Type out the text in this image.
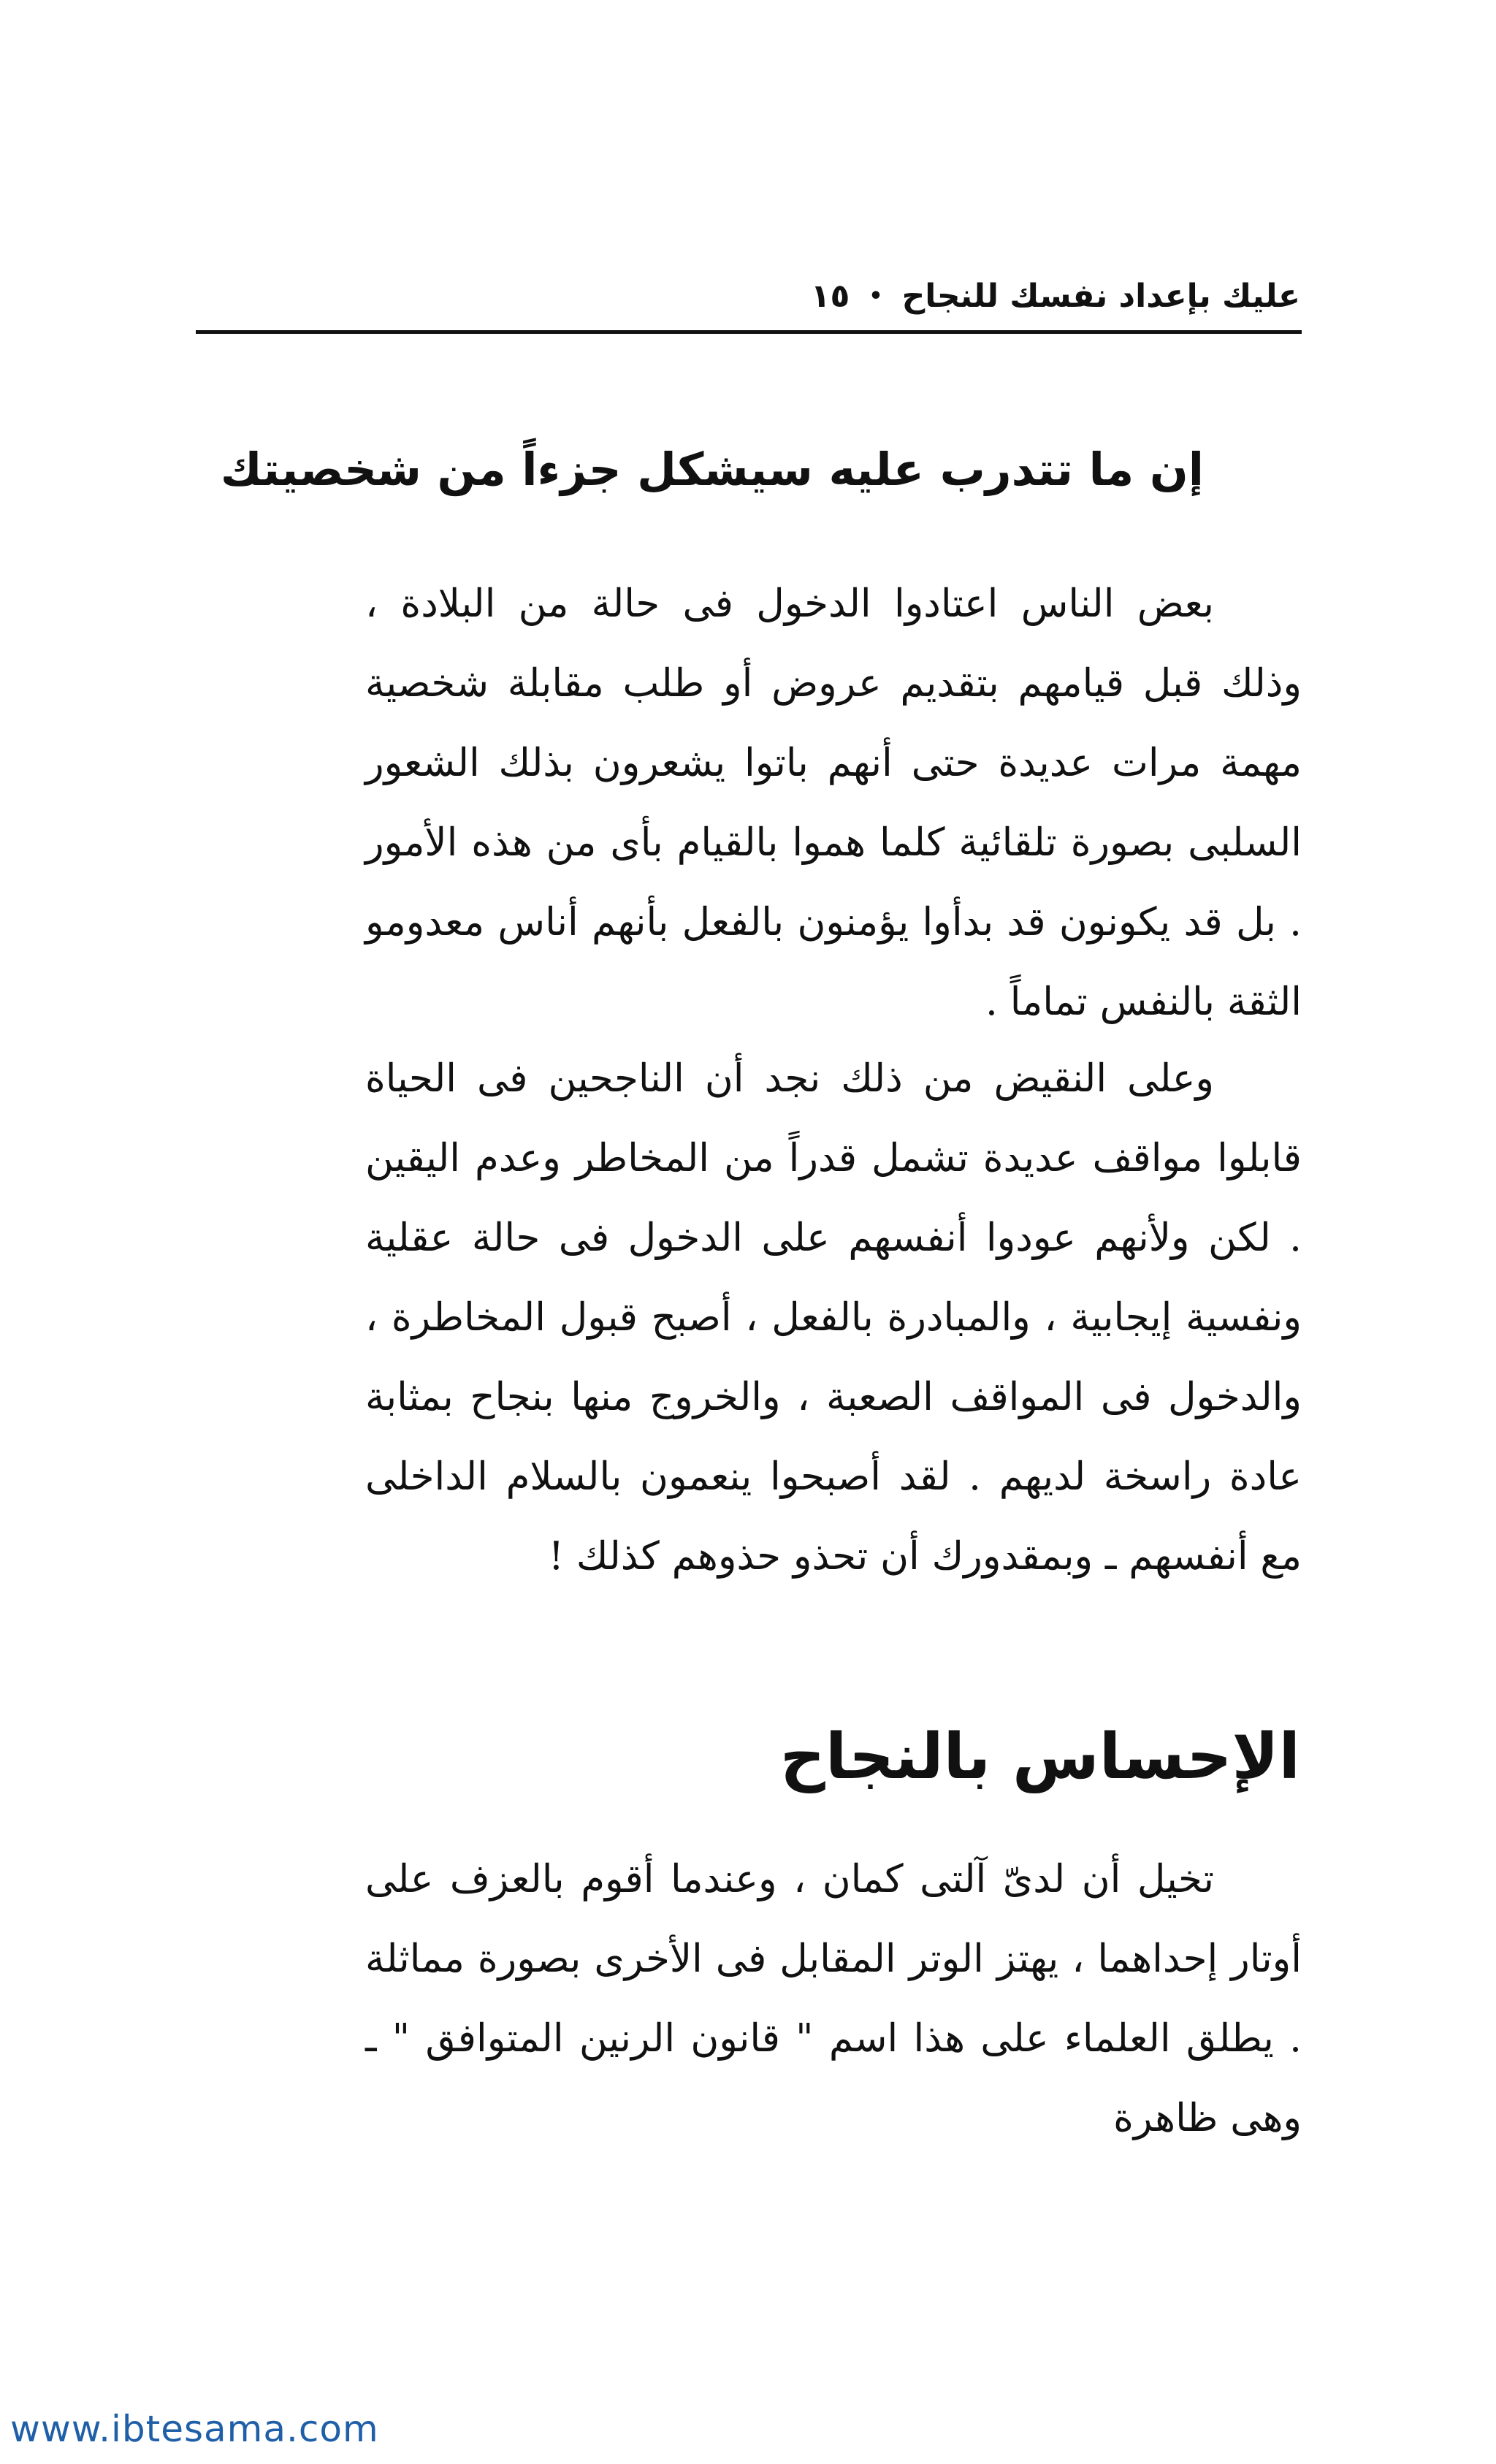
عليك بإعداد نفسك للنجاح
•
١٥
إن ما تتدرب عليه سيشكل جزءاً من شخصيتك

بعض الناس اعتادوا الدخول فى حالة من البلادة ، وذلك قبل قيامهم بتقديم عروض أو طلب مقابلة شخصية مهمة مرات عديدة حتى أنهم باتوا يشعرون بذلك الشعور السلبى بصورة تلقائية كلما هموا بالقيام بأى من هذه الأمور . بل قد يكونون قد بدأوا يؤمنون بالفعل بأنهم أناس معدومو الثقة بالنفس تماماً .

وعلى النقيض من ذلك نجد أن الناجحين فى الحياة قابلوا مواقف عديدة تشمل قدراً من المخاطر وعدم اليقين . لكن ولأنهم عودوا أنفسهم على الدخول فى حالة عقلية ونفسية إيجابية ، والمبادرة بالفعل ، أصبح قبول المخاطرة ، والدخول فى المواقف الصعبة ، والخروج منها بنجاح بمثابة عادة راسخة لديهم . لقد أصبحوا ينعمون بالسلام الداخلى مع أنفسهم ـ وبمقدورك أن تحذو حذوهم كذلك !

الإحساس بالنجاح

تخيل أن لدىّ آلتى كمان ، وعندما أقوم بالعزف على أوتار إحداهما ، يهتز الوتر المقابل فى الأخرى بصورة مماثلة . يطلق العلماء على هذا اسم " قانون الرنين المتوافق " ـ وهى ظاهرة

www.ibtesama.com
